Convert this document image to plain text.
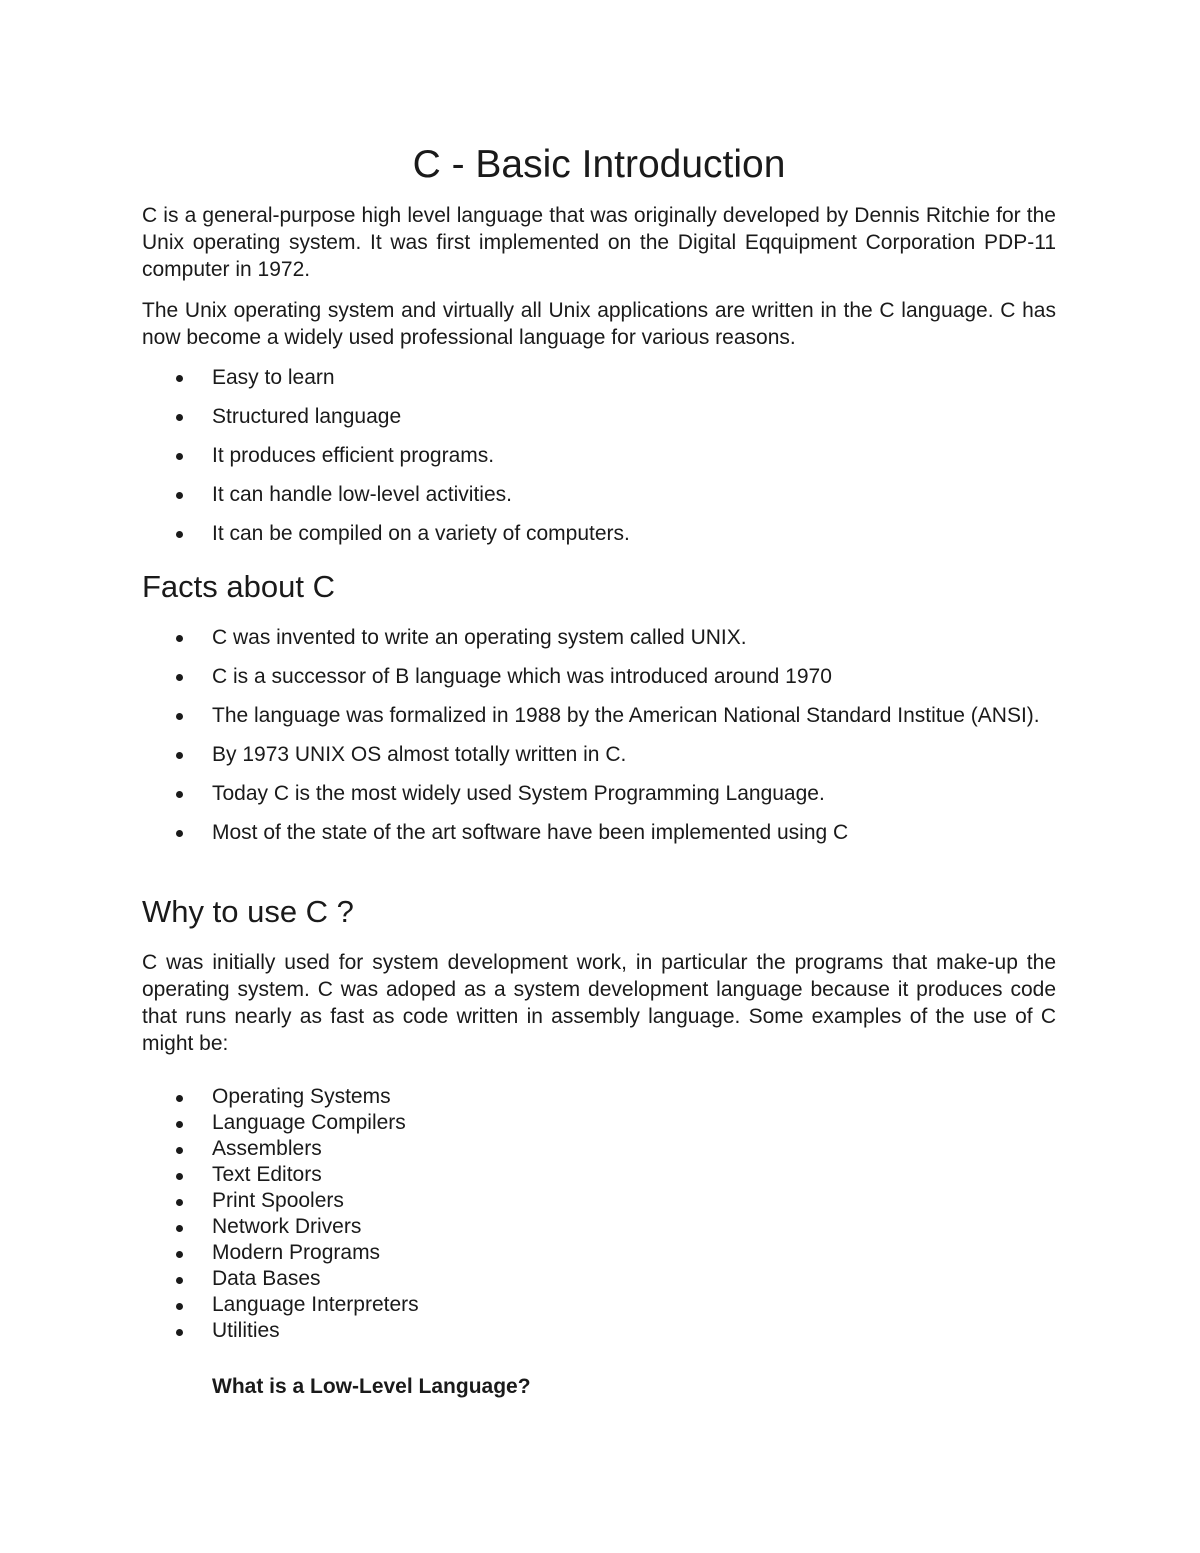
C - Basic Introduction

C is a general-purpose high level language that was originally developed by Dennis Ritchie for the Unix operating system. It was first implemented on the Digital Eqquipment Corporation PDP-11 computer in 1972.

The Unix operating system and virtually all Unix applications are written in the C language. C has now become a widely used professional language for various reasons.

Easy to learn
Structured language
It produces efficient programs.
It can handle low-level activities.
It can be compiled on a variety of computers.
Facts about C
C was invented to write an operating system called UNIX.
C is a successor of B language which was introduced around 1970
The language was formalized in 1988 by the American National Standard Institue (ANSI).
By 1973 UNIX OS almost totally written in C.
Today C is the most widely used System Programming Language.
Most of the state of the art software have been implemented using C
Why to use C ?

C was initially used for system development work, in particular the programs that make-up the operating system. C was adoped as a system development language because it produces code that runs nearly as fast as code written in assembly language. Some examples of the use of C might be:

Operating Systems
Language Compilers
Assemblers
Text Editors
Print Spoolers
Network Drivers
Modern Programs
Data Bases
Language Interpreters
Utilities

What is a Low-Level Language?
